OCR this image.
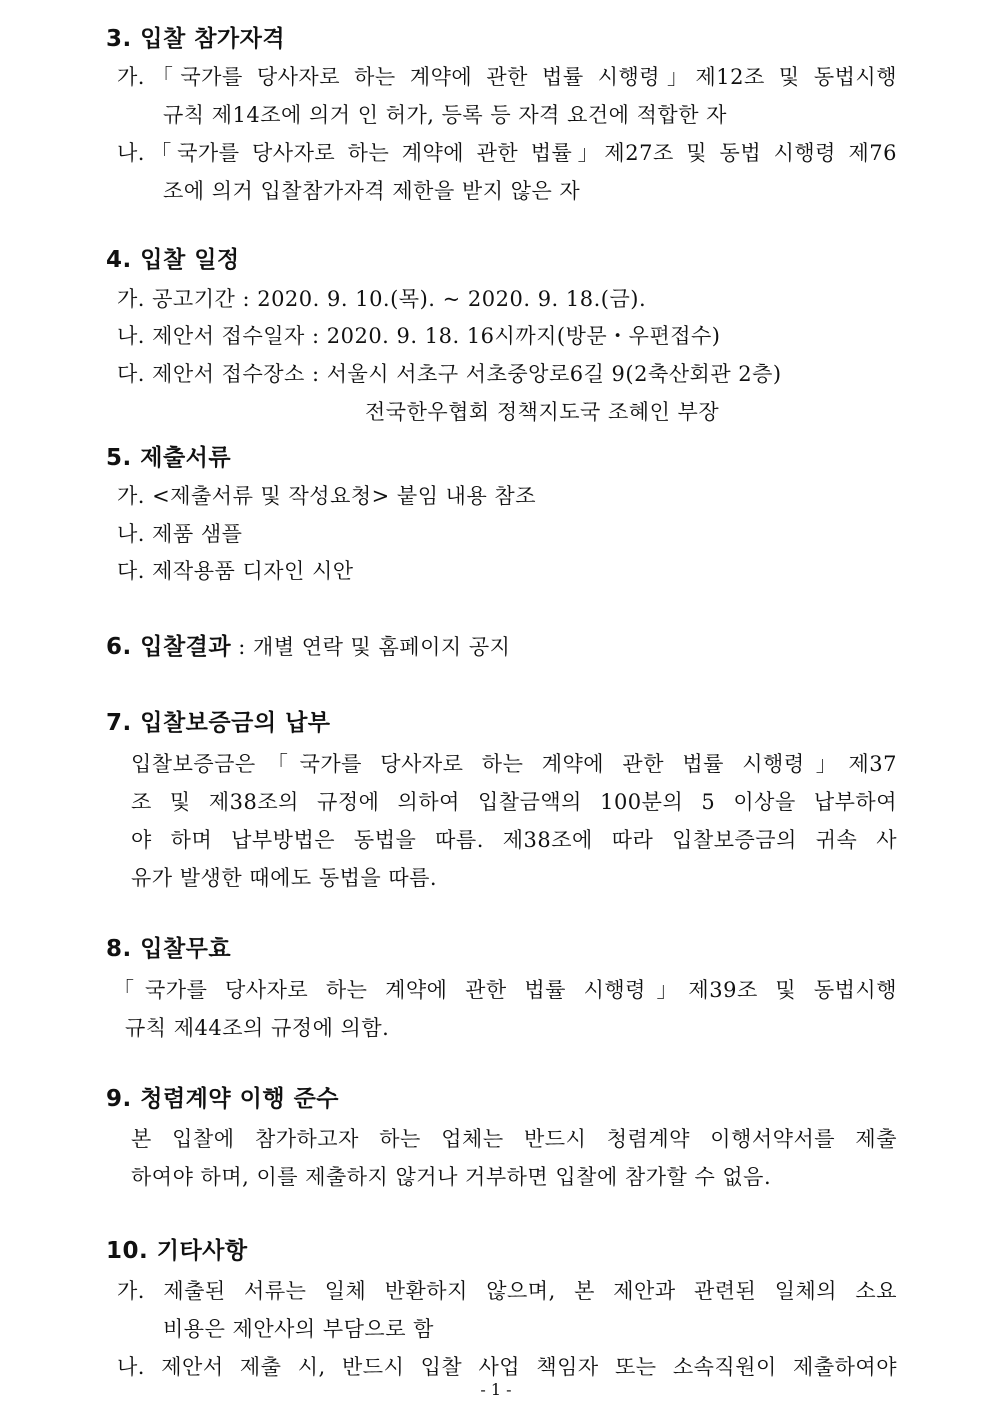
3. 입찰 참가자격
가.「국가를 당사자로 하는 계약에 관한 법률 시행령」제12조 및 동법시행
규칙 제14조에 의거 인 허가, 등록 등 자격 요건에 적합한 자
나.「국가를 당사자로 하는 계약에 관한 법률」제27조 및 동법 시행령 제76
조에 의거 입찰참가자격 제한을 받지 않은 자
4. 입찰 일정
가. 공고기간 : 2020. 9. 10.(목). ~ 2020. 9. 18.(금).
나. 제안서 접수일자 : 2020. 9. 18. 16시까지(방문・우편접수)
다. 제안서 접수장소 : 서울시 서초구 서초중앙로6길 9(2축산회관 2층)
전국한우협회 정책지도국 조혜인 부장
5. 제출서류
가. <제출서류 및 작성요청> 붙임 내용 참조
나. 제품 샘플
다. 제작용품 디자인 시안
6. 입찰결과 : 개별 연락 및 홈페이지 공지
7. 입찰보증금의 납부
입찰보증금은「국가를 당사자로 하는 계약에 관한 법률 시행령」제37
조 및 제38조의 규정에 의하여 입찰금액의 100분의 5 이상을 납부하여
야 하며 납부방법은 동법을 따름. 제38조에 따라 입찰보증금의 귀속 사
유가 발생한 때에도 동법을 따름.
8. 입찰무효
「국가를 당사자로 하는 계약에 관한 법률 시행령」제39조 및 동법시행
규칙 제44조의 규정에 의함.
9. 청렴계약 이행 준수
본 입찰에 참가하고자 하는 업체는 반드시 청렴계약 이행서약서를 제출
하여야 하며, 이를 제출하지 않거나 거부하면 입찰에 참가할 수 없음.
10. 기타사항
가. 제출된 서류는 일체 반환하지 않으며, 본 제안과 관련된 일체의 소요
비용은 제안사의 부담으로 함
나. 제안서 제출 시, 반드시 입찰 사업 책임자 또는 소속직원이 제출하여야
- 1 -
